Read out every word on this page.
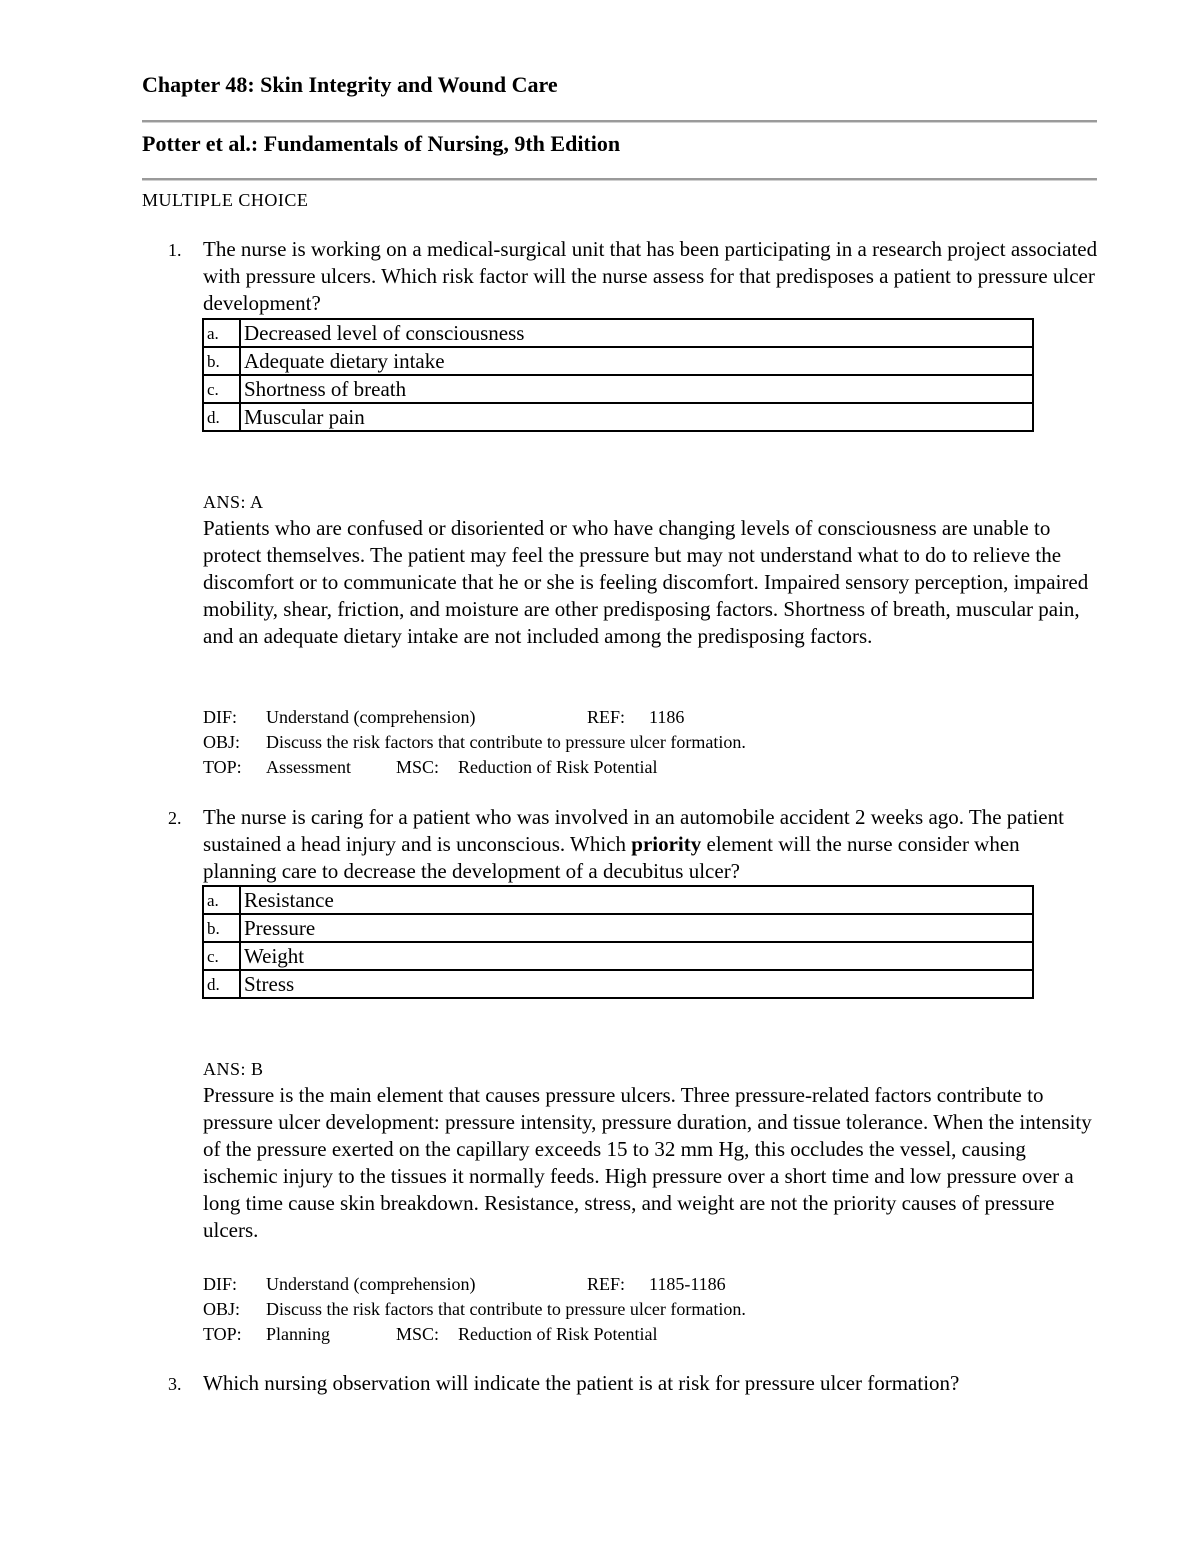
Chapter 48: Skin Integrity and Wound Care
Potter et al.: Fundamentals of Nursing, 9th Edition
MULTIPLE CHOICE
1. The nurse is working on a medical-surgical unit that has been participating in a research project associated with pressure ulcers. Which risk factor will the nurse assess for that predisposes a patient to pressure ulcer development?
a.	Decreased level of consciousness
b.	Adequate dietary intake
c.	Shortness of breath
d.	Muscular pain
ANS: A
Patients who are confused or disoriented or who have changing levels of consciousness are unable to protect themselves. The patient may feel the pressure but may not understand what to do to relieve the discomfort or to communicate that he or she is feeling discomfort. Impaired sensory perception, impaired mobility, shear, friction, and moisture are other predisposing factors. Shortness of breath, muscular pain, and an adequate dietary intake are not included among the predisposing factors.
DIF: Understand (comprehension)	REF: 1186
OBJ: Discuss the risk factors that contribute to pressure ulcer formation.
TOP: Assessment	MSC: Reduction of Risk Potential
2. The nurse is caring for a patient who was involved in an automobile accident 2 weeks ago. The patient sustained a head injury and is unconscious. Which priority element will the nurse consider when planning care to decrease the development of a decubitus ulcer?
a.	Resistance
b.	Pressure
c.	Weight
d.	Stress
ANS: B
Pressure is the main element that causes pressure ulcers. Three pressure-related factors contribute to pressure ulcer development: pressure intensity, pressure duration, and tissue tolerance. When the intensity of the pressure exerted on the capillary exceeds 15 to 32 mm Hg, this occludes the vessel, causing ischemic injury to the tissues it normally feeds. High pressure over a short time and low pressure over a long time cause skin breakdown. Resistance, stress, and weight are not the priority causes of pressure ulcers.
DIF: Understand (comprehension)	REF: 1185-1186
OBJ: Discuss the risk factors that contribute to pressure ulcer formation.
TOP: Planning	MSC: Reduction of Risk Potential
3. Which nursing observation will indicate the patient is at risk for pressure ulcer formation?
